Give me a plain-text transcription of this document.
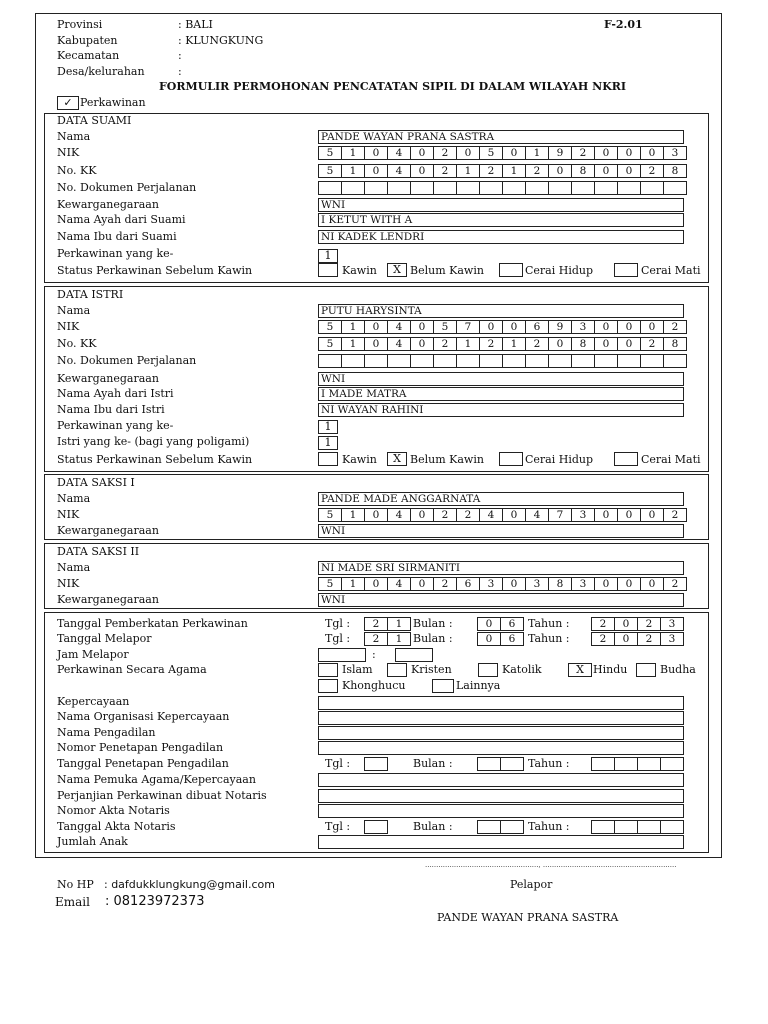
Provinsi	: BALI
Kabupaten	: KLUNGKUNG
Kecamatan	:
Desa/kelurahan	:
F-2.01
FORMULIR PERMOHONAN PENCATATAN SIPIL DI DALAM WILAYAH NKRI
✓ Perkawinan
DATA SUAMI
Nama	PANDE WAYAN PRANA SASTRA
NIK	5	1	0	4	0	2	0	5	0	1	9	2	0	0	0	3
No. KK	5	1	0	4	0	2	1	2	1	2	0	8	0	0	2	8
No. Dokumen Perjalanan
Kewarganegaraan	WNI
Nama Ayah dari Suami	I KETUT WITH A
Nama Ibu dari Suami	NI KADEK LENDRI
Perkawinan yang ke-	1
Status Perkawinan Sebelum Kawin	Kawin	X Belum Kawin	Cerai Hidup	Cerai Mati
DATA ISTRI
Nama	PUTU HARYSINTA
NIK	5	1	0	4	0	5	7	0	0	6	9	3	0	0	0	2
No. KK	5	1	0	4	0	2	1	2	1	2	0	8	0	0	2	8
No. Dokumen Perjalanan
Kewarganegaraan	WNI
Nama Ayah dari Istri	I MADE MATRA
Nama Ibu dari Istri	NI WAYAN RAHINI
Perkawinan yang ke-	1
Istri yang ke- (bagi yang poligami)	1
Status Perkawinan Sebelum Kawin	Kawin	X Belum Kawin	Cerai Hidup	Cerai Mati
DATA SAKSI I
Nama	PANDE MADE ANGGARNATA
NIK	5	1	0	4	0	2	2	4	0	4	7	3	0	0	0	2
Kewarganegaraan	WNI
DATA SAKSI II
Nama	NI MADE SRI SIRMANITI
NIK	5	1	0	4	0	2	6	3	0	3	8	3	0	0	0	2
Kewarganegaraan	WNI
Tanggal Pemberkatan Perkawinan	Tgl :	2	1 Bulan :	0	6	Tahun :	2	0	2	3
Tanggal Melapor	Tgl :	2	1 Bulan :	0	6	Tahun :	2	0	2	3
Jam Melapor	:
Perkawinan Secara Agama	Islam	Kristen	Katolik	X Hindu	Budha
Khonghucu	Lainnya
Kepercayaan
Nama Organisasi Kepercayaan
Nama Pengadilan
Nomor Penetapan Pengadilan
Tanggal Penetapan Pengadilan	Tgl :	Bulan :	Tahun :
Nama Pemuka Agama/Kepercayaan
Perjanjian Perkawinan dibuat Notaris
Nomor Akta Notaris
Tanggal Akta Notaris	Tgl :	Bulan :	Tahun :
Jumlah Anak
..................................................., ............................................................
No HP : dafdukklungkung@gmail.com
Email : 08123972373
Pelapor
PANDE WAYAN PRANA SASTRA
